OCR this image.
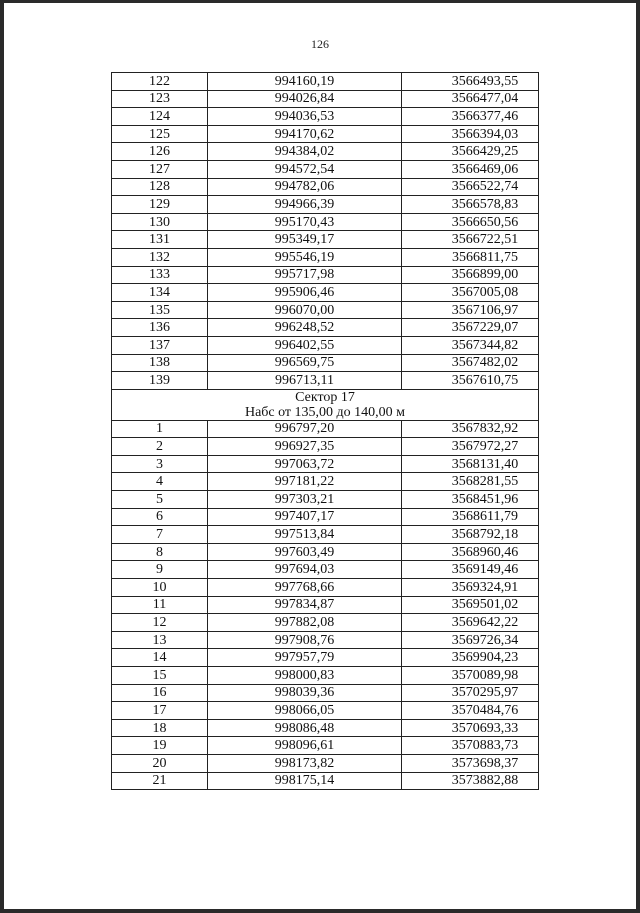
126
122	994160,19	3566493,55
123	994026,84	3566477,04
124	994036,53	3566377,46
125	994170,62	3566394,03
126	994384,02	3566429,25
127	994572,54	3566469,06
128	994782,06	3566522,74
129	994966,39	3566578,83
130	995170,43	3566650,56
131	995349,17	3566722,51
132	995546,19	3566811,75
133	995717,98	3566899,00
134	995906,46	3567005,08
135	996070,00	3567106,97
136	996248,52	3567229,07
137	996402,55	3567344,82
138	996569,75	3567482,02
139	996713,11	3567610,75

Сектор 17
Набс от 135,00 до 140,00 м		

1	996797,20	3567832,92
2	996927,35	3567972,27
3	997063,72	3568131,40
4	997181,22	3568281,55
5	997303,21	3568451,96
6	997407,17	3568611,79
7	997513,84	3568792,18
8	997603,49	3568960,46
9	997694,03	3569149,46
10	997768,66	3569324,91
11	997834,87	3569501,02
12	997882,08	3569642,22
13	997908,76	3569726,34
14	997957,79	3569904,23
15	998000,83	3570089,98
16	998039,36	3570295,97
17	998066,05	3570484,76
18	998086,48	3570693,33
19	998096,61	3570883,73
20	998173,82	3573698,37
21	998175,14	3573882,88
